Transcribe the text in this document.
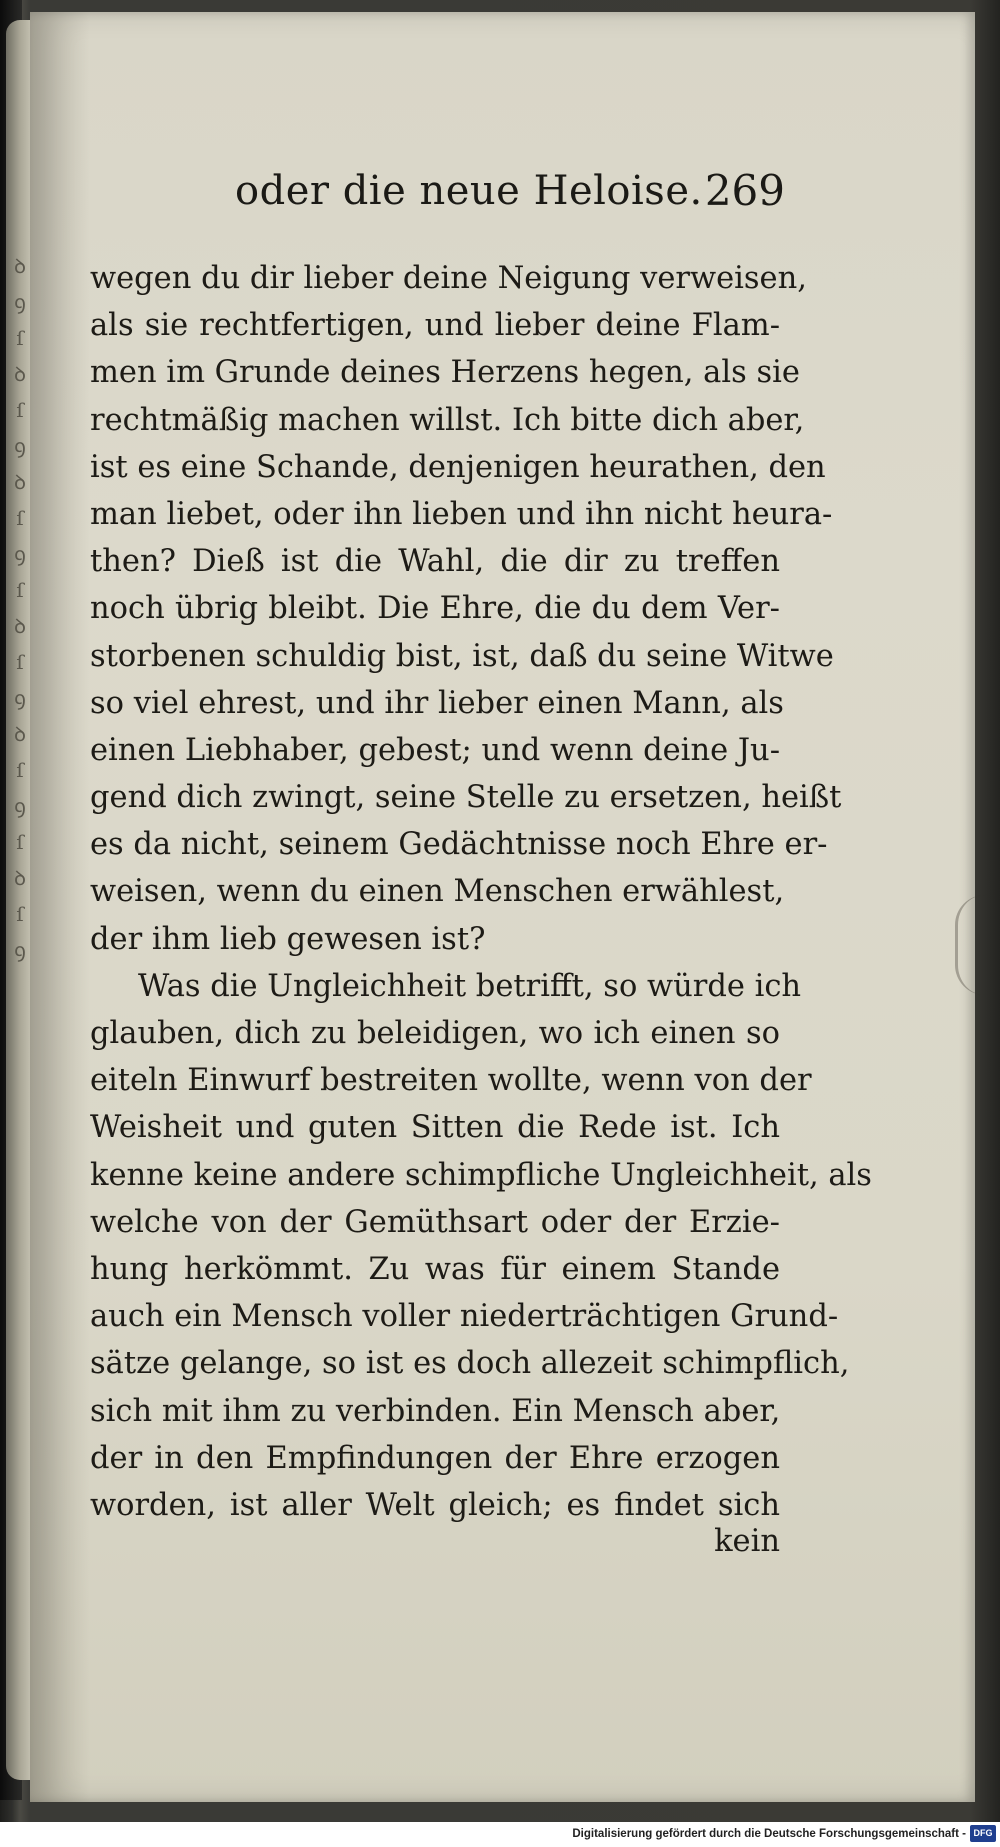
oder die neue Heloise. 269
wegen du dir lieber deine Neigung verweisen,
als sie rechtfertigen, und lieber deine Flam-
men im Grunde deines Herzens hegen, als sie
rechtmäßig machen willst. Ich bitte dich aber,
ist es eine Schande, denjenigen heurathen, den
man liebet, oder ihn lieben und ihn nicht heura-
then? Dieß ist die Wahl, die dir zu treffen
noch übrig bleibt. Die Ehre, die du dem Ver-
storbenen schuldig bist, ist, daß du seine Witwe
so viel ehrest, und ihr lieber einen Mann, als
einen Liebhaber, gebest; und wenn deine Ju-
gend dich zwingt, seine Stelle zu ersetzen, heißt
es da nicht, seinem Gedächtnisse noch Ehre er-
weisen, wenn du einen Menschen erwählest,
der ihm lieb gewesen ist?
Was die Ungleichheit betrifft, so würde ich
glauben, dich zu beleidigen, wo ich einen so
eiteln Einwurf bestreiten wollte, wenn von der
Weisheit und guten Sitten die Rede ist. Ich
kenne keine andere schimpfliche Ungleichheit, als
welche von der Gemüthsart oder der Erzie-
hung herkömmt. Zu was für einem Stande
auch ein Mensch voller niederträchtigen Grund-
sätze gelange, so ist es doch allezeit schimpflich,
sich mit ihm zu verbinden. Ein Mensch aber,
der in den Empfindungen der Ehre erzogen
worden, ist aller Welt gleich; es findet sich
kein
Digitalisierung gefördert durch die Deutsche Forschungsgemeinschaft - DFG
ꝺ
ꝯ
ſ
ꝺ
ſ
ꝯ
ꝺ
ſ
ꝯ
ſ
ꝺ
ſ
ꝯ
ꝺ
ſ
ꝯ
ſ
ꝺ
ſ
ꝯ
